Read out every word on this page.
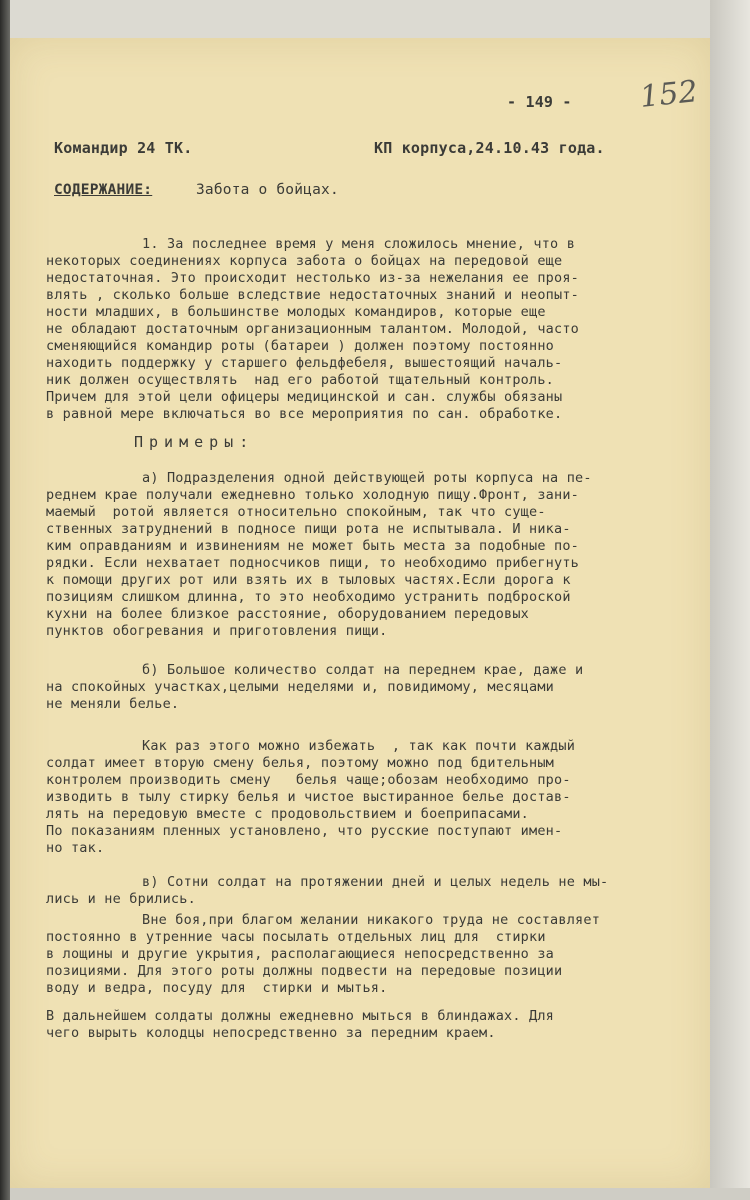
- 149 - 152
Командир 24 ТК.	КП корпуса,24.10.43 года.
СОДЕРЖАНИЕ:	Забота о бойцах.
1. За последнее время у меня сложилось мнение, что в
некоторых соединениях корпуса забота о бойцах на передовой еще
недостаточная. Это происходит нестолько из-за нежелания ее проя-
влять , сколько больше вследствие недостаточных знаний и неопыт-
ности младших, в большинстве молодых командиров, которые еще
не обладают достаточным организационным талантом. Молодой, часто
сменяющийся командир роты (батареи ) должен поэтому постоянно
находить поддержку у старшего фельдфебеля, вышестоящий началь-
ник должен осуществлять  над его работой тщательный контроль.
Причем для этой цели офицеры медицинской и сан. службы обязаны
в равной мере включаться во все мероприятия по сан. обработке.
Примеры:
а) Подразделения одной действующей роты корпуса на пе-
реднем крае получали ежедневно только холодную пищу.Фронт, зани-
маемый  ротой является относительно спокойным, так что суще-
ственных затруднений в подносе пищи рота не испытывала. И ника-
ким оправданиям и извинениям не может быть места за подобные по-
рядки. Если нехватает подносчиков пищи, то необходимо прибегнуть
к помощи других рот или взять их в тыловых частях.Если дорога к
позициям слишком длинна, то это необходимо устранить подброской
кухни на более близкое расстояние, оборудованием передовых
пунктов обогревания и приготовления пищи.
б) Большое количество солдат на переднем крае, даже и
на спокойных участках,целыми неделями и, повидимому, месяцами
не меняли белье.
Как раз этого можно избежать  , так как почти каждый
солдат имеет вторую смену белья, поэтому можно под бдительным
контролем производить смену   белья чаще;обозам необходимо про-
изводить в тылу стирку белья и чистое выстиранное белье достав-
лять на передовую вместе с продовольствием и боеприпасами.
По показаниям пленных установлено, что русские поступают имен-
но так.
в) Сотни солдат на протяжении дней и целых недель не мы-
лись и не брились.
Вне боя,при благом желании никакого труда не составляет
постоянно в утренние часы посылать отдельных лиц для  стирки
в лощины и другие укрытия, располагающиеся непосредственно за
позициями. Для этого роты должны подвести на передовые позиции
воду и ведра, посуду для  стирки и мытья.
В дальнейшем солдаты должны ежедневно мыться в блиндажах. Для
чего вырыть колодцы непосредственно за передним краем.
